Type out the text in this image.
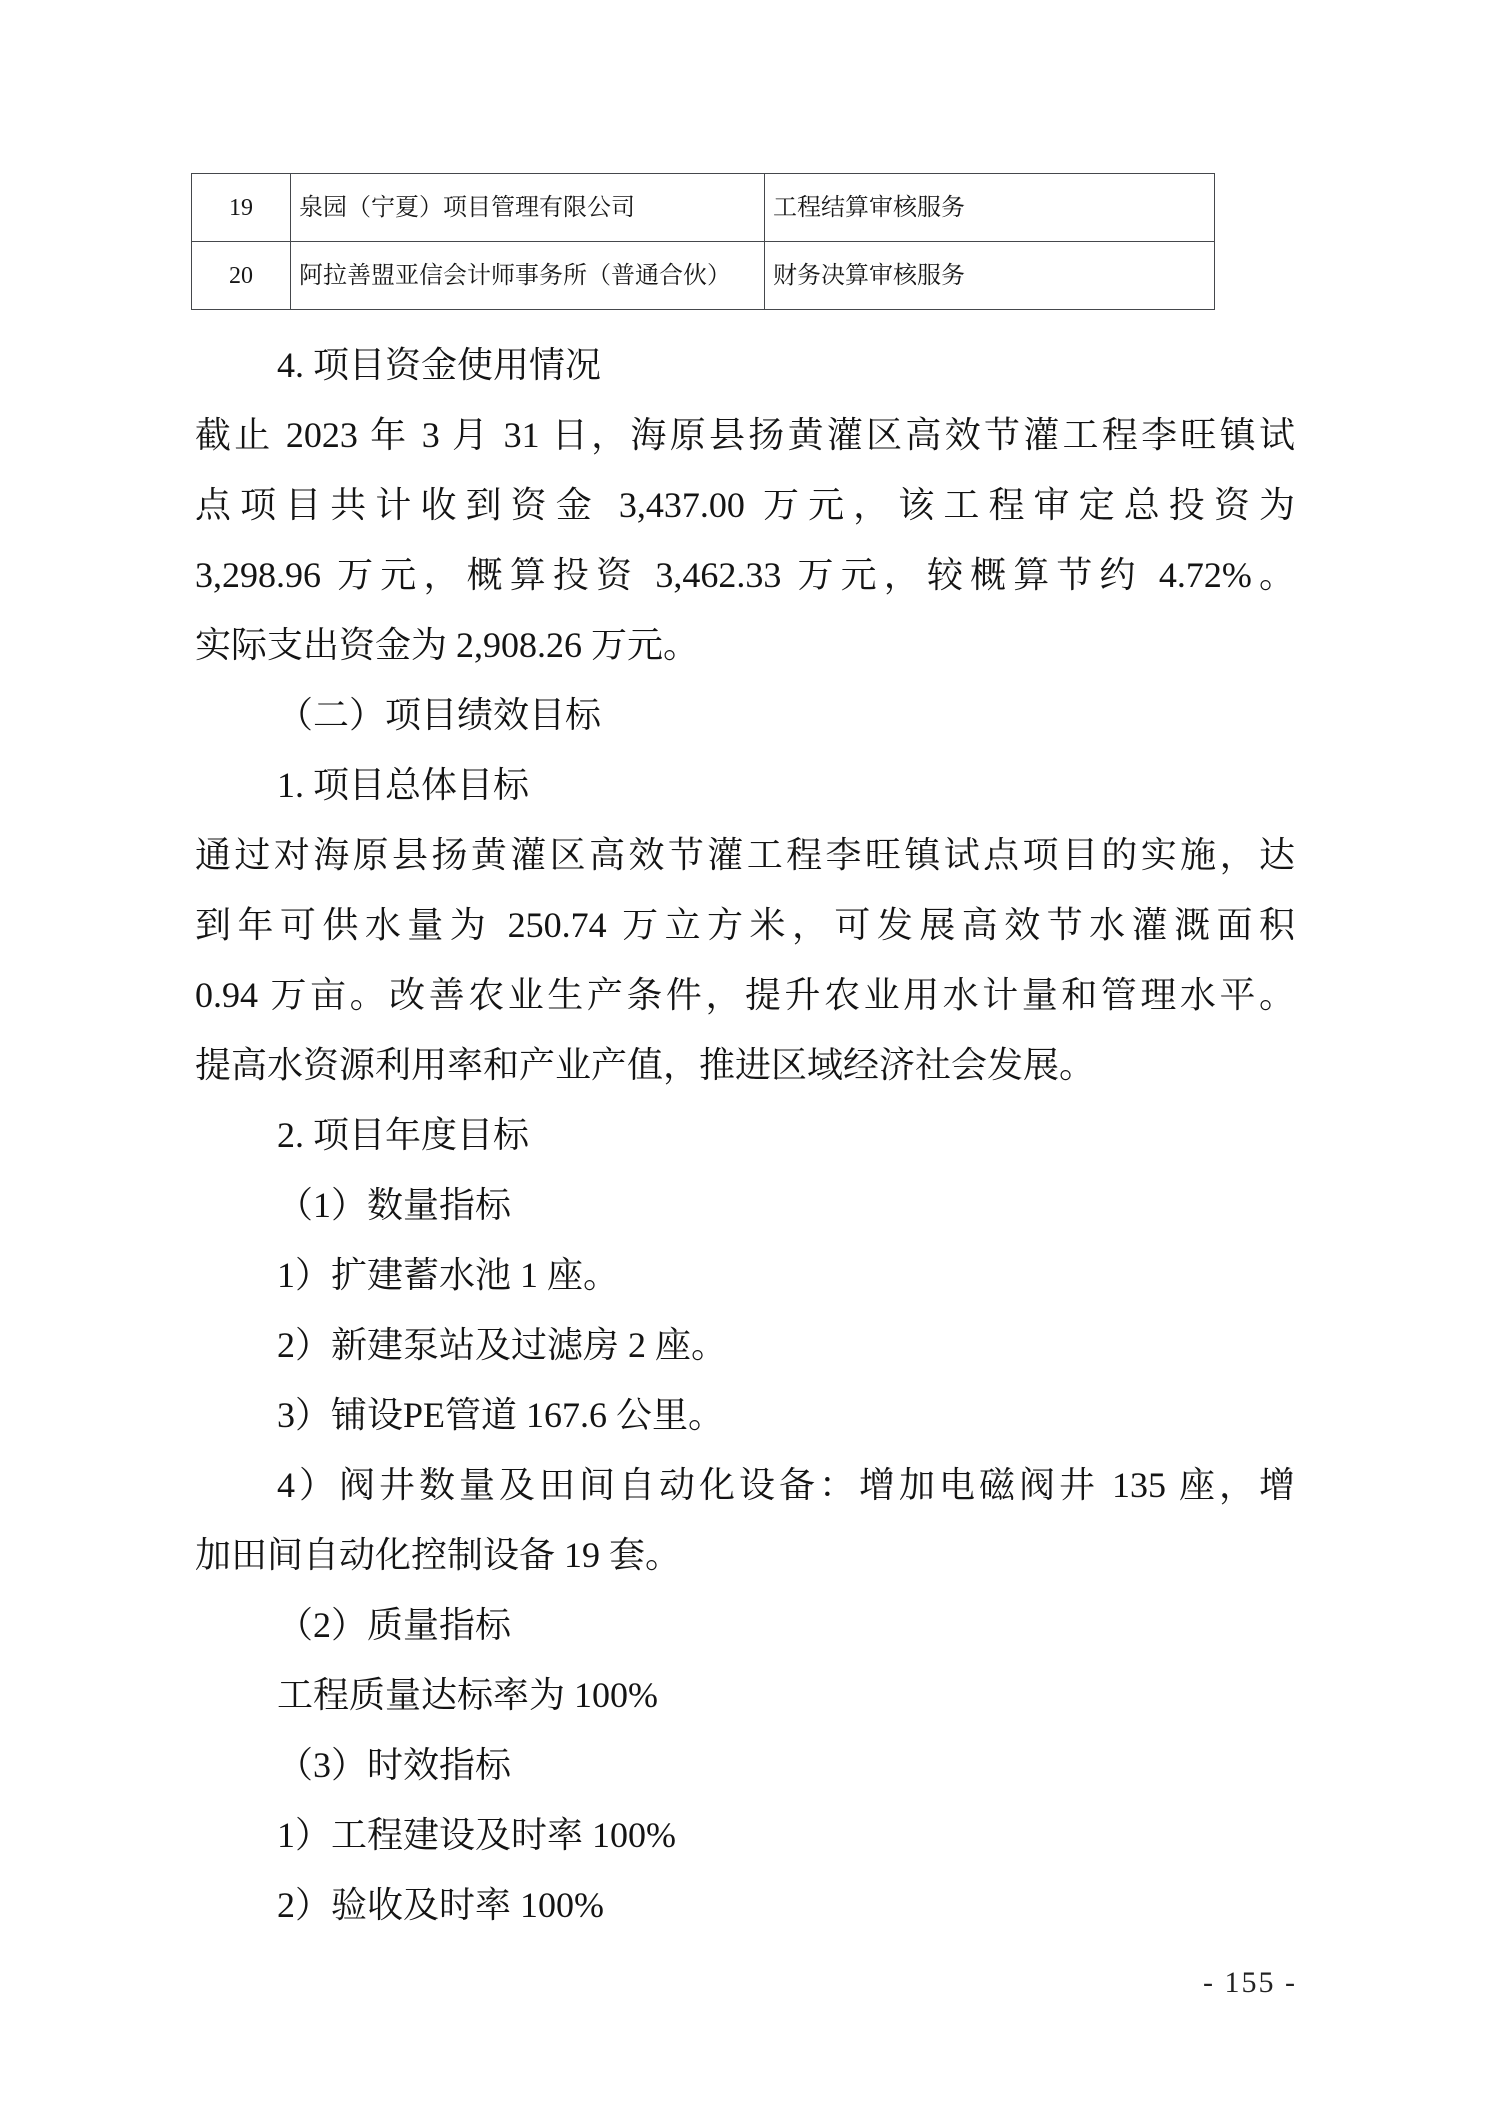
19	泉园（宁夏）项目管理有限公司	工程结算审核服务
20	阿拉善盟亚信会计师事务所（普通合伙）	财务决算审核服务
4. 项目资金使用情况
截止 2023 年 3 月 31 日，海原县扬黄灌区高效节灌工程李旺镇试
点项目共计收到资金 3,437.00 万元，该工程审定总投资为
3,298.96 万元，概算投资 3,462.33 万元，较概算节约 4.72%。
实际支出资金为 2,908.26 万元。
（二）项目绩效目标
1. 项目总体目标
通过对海原县扬黄灌区高效节灌工程李旺镇试点项目的实施，达
到年可供水量为 250.74 万立方米，可发展高效节水灌溉面积
0.94 万亩。改善农业生产条件，提升农业用水计量和管理水平。
提高水资源利用率和产业产值，推进区域经济社会发展。
2. 项目年度目标
（1）数量指标
1）扩建蓄水池 1 座。
2）新建泵站及过滤房 2 座。
3）铺设PE管道 167.6 公里。
4）阀井数量及田间自动化设备：增加电磁阀井 135 座，增
加田间自动化控制设备 19 套。
（2）质量指标
工程质量达标率为 100%
（3）时效指标
1）工程建设及时率 100%
2）验收及时率 100%
- 155 -
